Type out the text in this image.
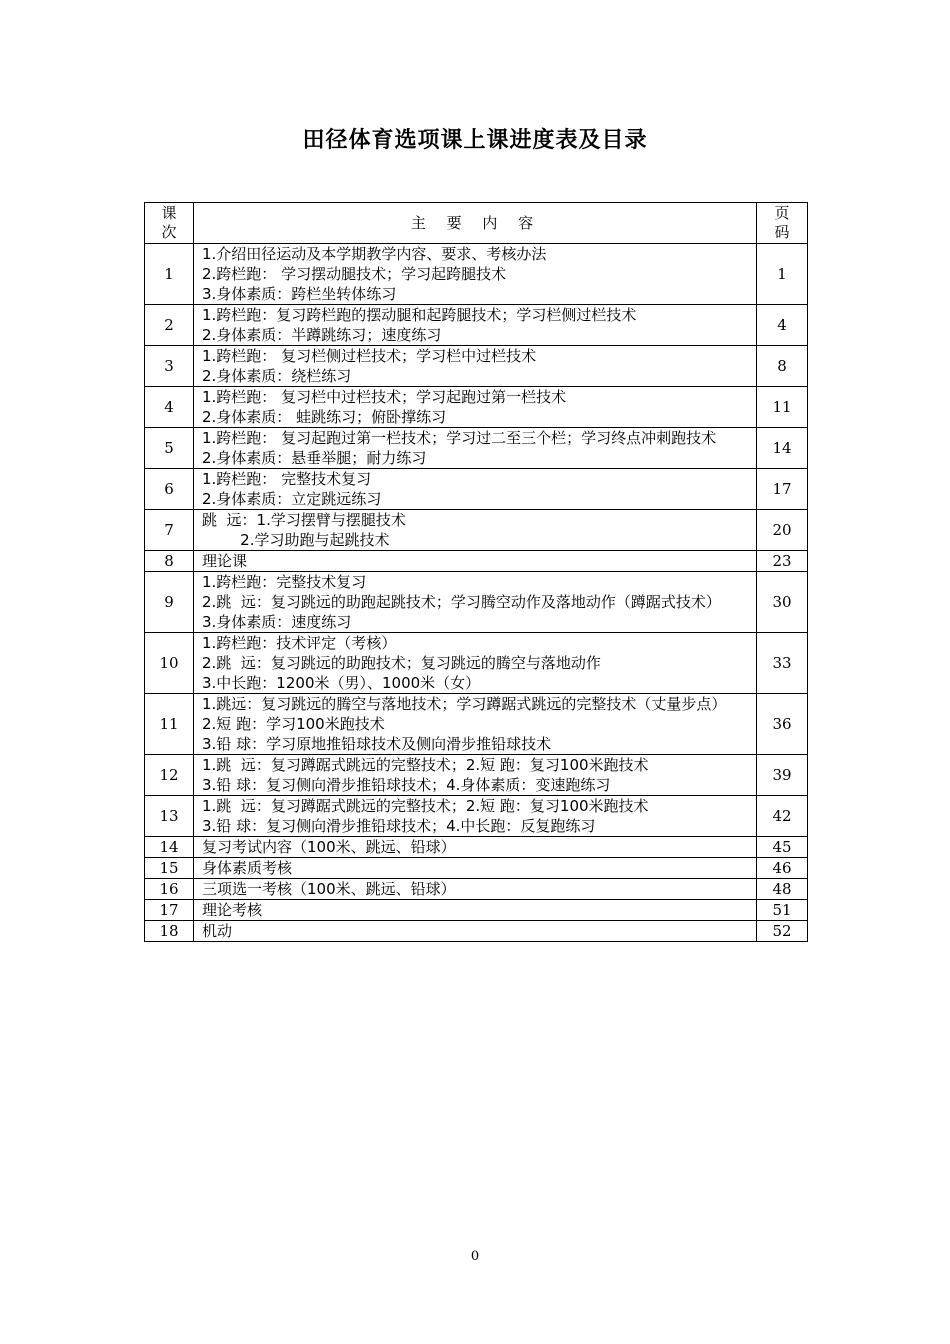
田径体育选项课上课进度表及目录
课
次	主 要 内 容	页
码

1	1.介绍田径运动及本学期教学内容、要求、考核办法
2.跨栏跑： 学习摆动腿技术；学习起跨腿技术
3.身体素质：跨栏坐转体练习	1
2	1.跨栏跑：复习跨栏跑的摆动腿和起跨腿技术；学习栏侧过栏技术
2.身体素质：半蹲跳练习；速度练习	4
3	1.跨栏跑： 复习栏侧过栏技术；学习栏中过栏技术
2.身体素质：绕栏练习	8
4	1.跨栏跑： 复习栏中过栏技术；学习起跑过第一栏技术
2.身体素质： 蛙跳练习；俯卧撑练习	11
5	1.跨栏跑： 复习起跑过第一栏技术；学习过二至三个栏；学习终点冲刺跑技术
2.身体素质：悬垂举腿；耐力练习	14
6	1.跨栏跑： 完整技术复习
2.身体素质：立定跳远练习	17
7	跳  远：1.学习摆臂与摆腿技术
2.学习助跑与起跳技术	20
8	理论课	23
9	1.跨栏跑：完整技术复习
2.跳  远：复习跳远的助跑起跳技术；学习腾空动作及落地动作（蹲踞式技术）
3.身体素质：速度练习	30
10	1.跨栏跑：技术评定（考核）
2.跳  远：复习跳远的助跑技术；复习跳远的腾空与落地动作
3.中长跑：1200米（男）、1000米（女）	33
11	1.跳远：复习跳远的腾空与落地技术；学习蹲踞式跳远的完整技术（丈量步点）
2.短 跑：学习100米跑技术
3.铅 球：学习原地推铅球技术及侧向滑步推铅球技术	36
12	1.跳  远：复习蹲踞式跳远的完整技术；2.短 跑：复习100米跑技术
3.铅 球：复习侧向滑步推铅球技术；4.身体素质：变速跑练习	39
13	1.跳  远：复习蹲踞式跳远的完整技术；2.短 跑：复习100米跑技术
3.铅 球：复习侧向滑步推铅球技术；4.中长跑：反复跑练习	42
14	复习考试内容（100米、跳远、铅球）	45
15	身体素质考核	46
16	三项选一考核（100米、跳远、铅球）	48
17	理论考核	51
18	机动	52
0
